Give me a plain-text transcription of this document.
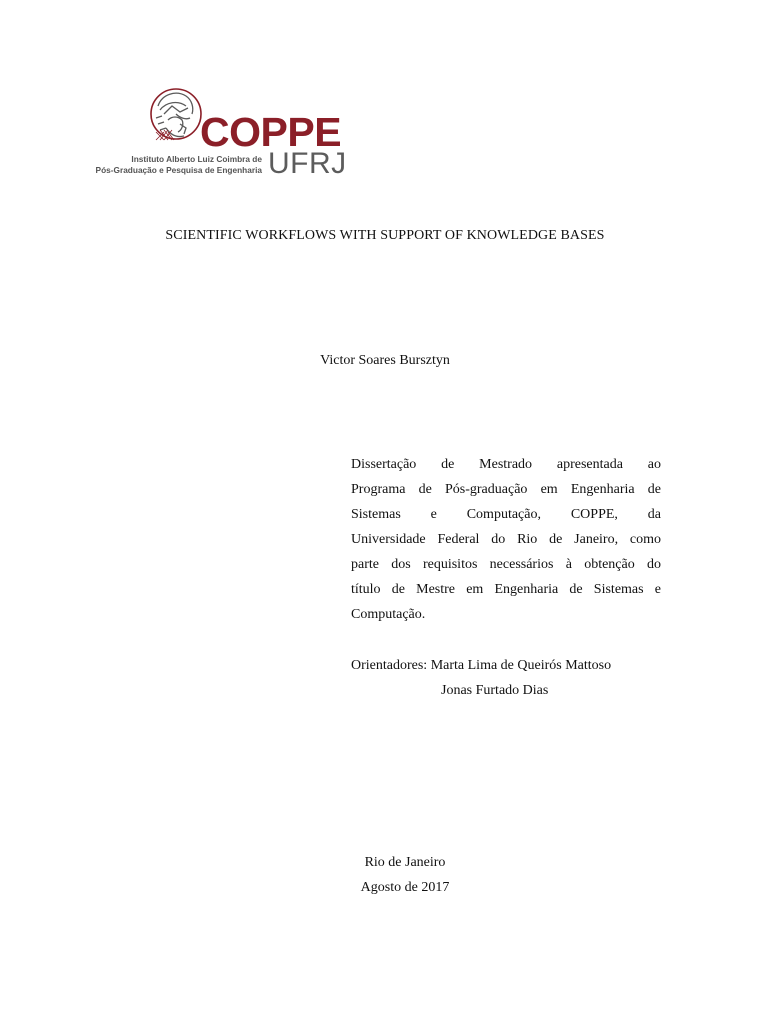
COPPE
UFRJ
Instituto Alberto Luiz Coimbra de
Pós-Graduação e Pesquisa de Engenharia
SCIENTIFIC WORKFLOWS WITH SUPPORT OF KNOWLEDGE BASES
Victor Soares Bursztyn
Dissertação de Mestrado apresentada ao
Programa de Pós-graduação em Engenharia de
Sistemas e Computação, COPPE, da
Universidade Federal do Rio de Janeiro, como
parte dos requisitos necessários à obtenção do
título de Mestre em Engenharia de Sistemas e
Computação.
Orientadores: Marta Lima de Queirós Mattoso
Jonas Furtado Dias
Rio de Janeiro
Agosto de 2017
